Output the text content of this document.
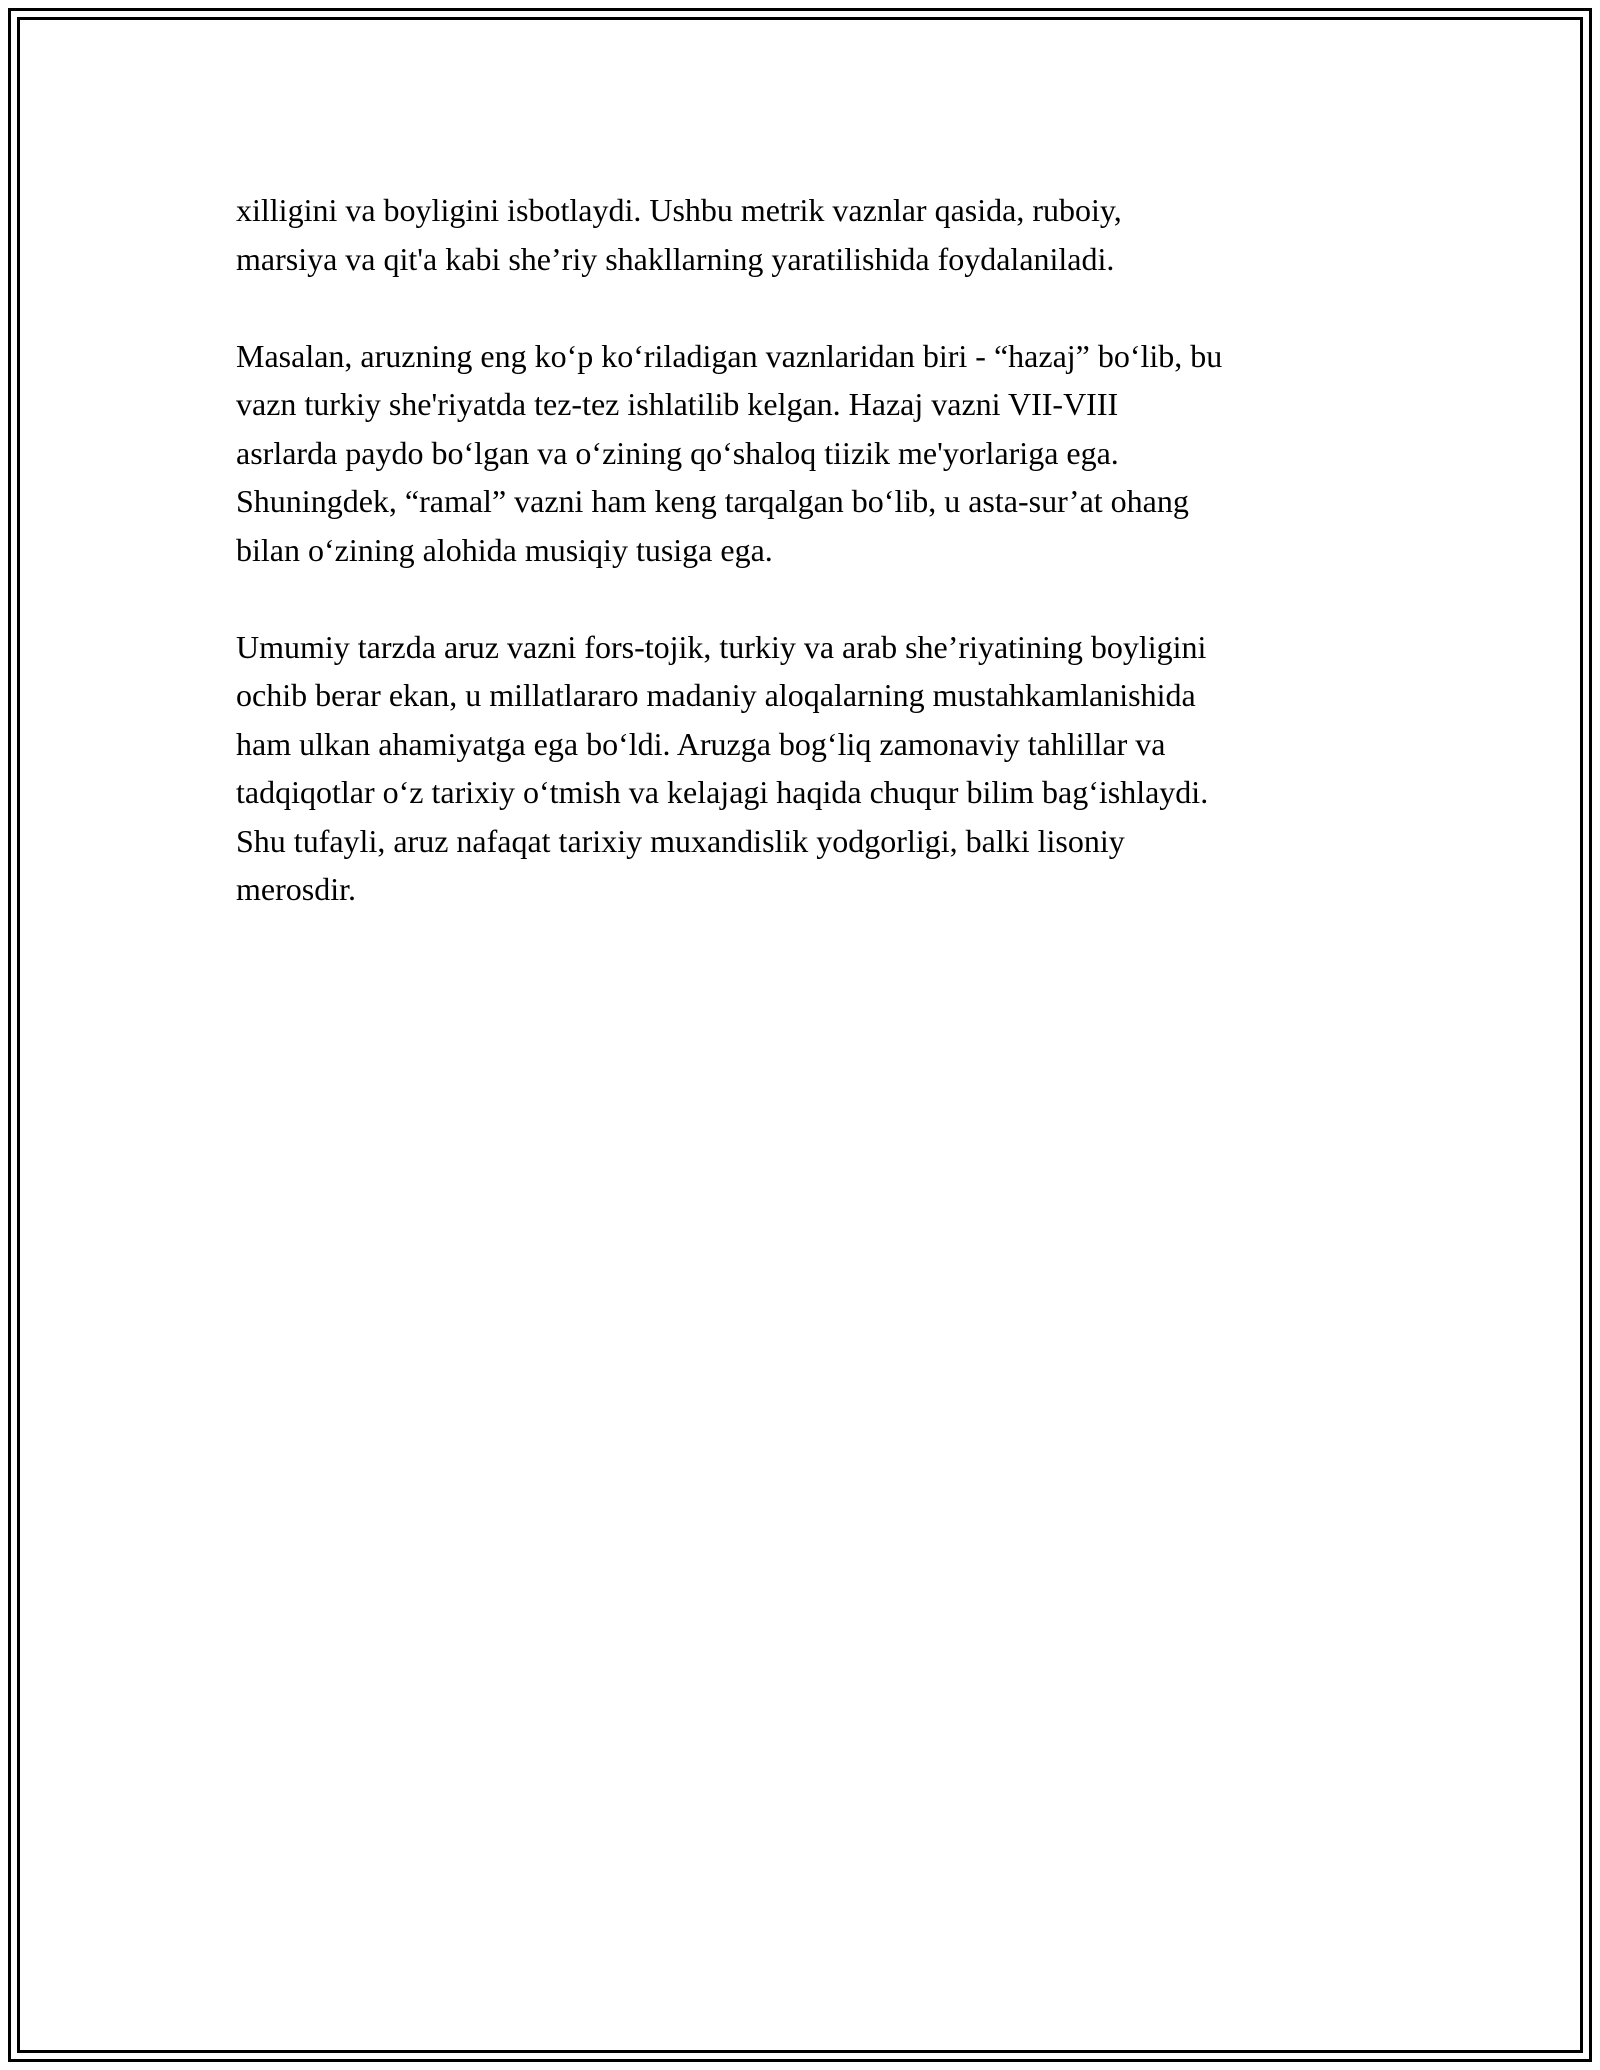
xilligini va boyligini isbotlaydi. Ushbu metrik vaznlar qasida, ruboiy,
marsiya va qit'a kabi she’riy shakllarning yaratilishida foydalaniladi.

Masalan, aruzning eng ko‘p ko‘riladigan vaznlaridan biri - “hazaj” bo‘lib, bu
vazn turkiy she'riyatda tez-tez ishlatilib kelgan. Hazaj vazni VII-VIII
asrlarda paydo bo‘lgan va o‘zining qo‘shaloq tiizik me'yorlariga ega.
Shuningdek, “ramal” vazni ham keng tarqalgan bo‘lib, u asta-sur’at ohang
bilan o‘zining alohida musiqiy tusiga ega.

Umumiy tarzda aruz vazni fors-tojik, turkiy va arab she’riyatining boyligini
ochib berar ekan, u millatlararo madaniy aloqalarning mustahkamlanishida
ham ulkan ahamiyatga ega bo‘ldi. Aruzga bog‘liq zamonaviy tahlillar va
tadqiqotlar o‘z tarixiy o‘tmish va kelajagi haqida chuqur bilim bag‘ishlaydi.
Shu tufayli, aruz nafaqat tarixiy muxandislik yodgorligi, balki lisoniy
merosdir.
